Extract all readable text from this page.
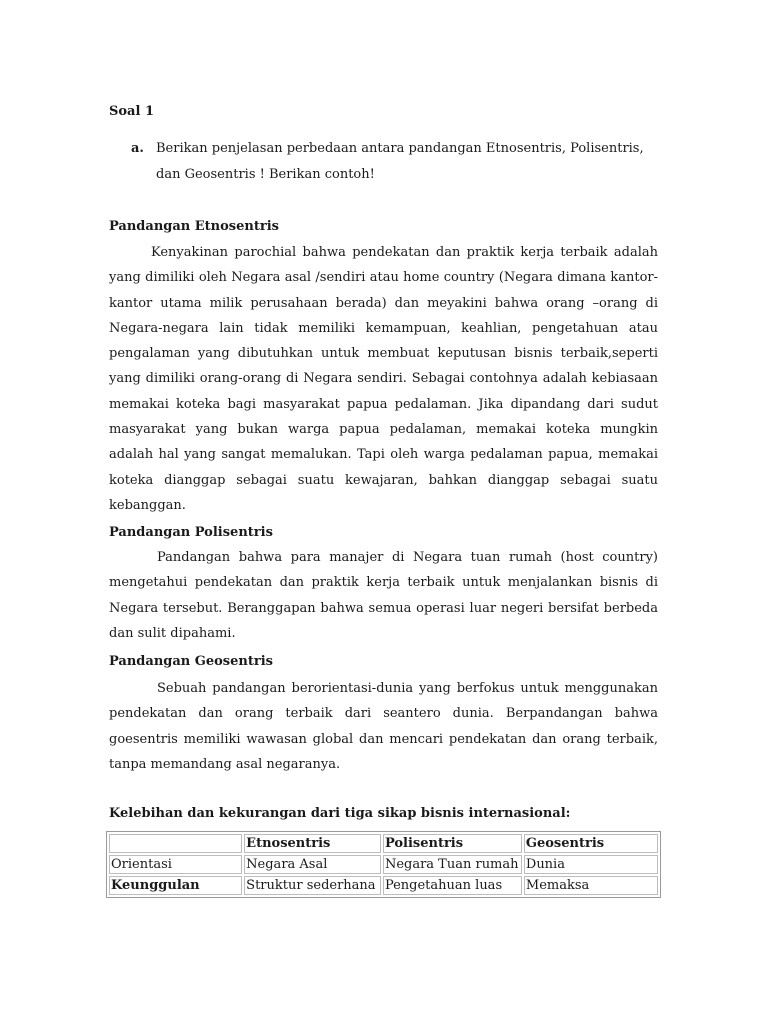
Soal 1
a. Berikan penjelasan perbedaan antara pandangan Etnosentris, Polisentris, dan Geosentris ! Berikan contoh!
Pandangan Etnosentris
Kenyakinan parochial bahwa pendekatan dan praktik kerja terbaik adalah yang dimiliki oleh Negara asal /sendiri atau home country (Negara dimana kantor-kantor utama milik perusahaan berada) dan meyakini bahwa orang –orang di Negara-negara lain tidak memiliki kemampuan, keahlian, pengetahuan atau pengalaman yang dibutuhkan untuk membuat keputusan bisnis terbaik,seperti yang dimiliki orang-orang di Negara sendiri. Sebagai contohnya adalah kebiasaan memakai koteka bagi masyarakat papua pedalaman. Jika dipandang dari sudut masyarakat yang bukan warga papua pedalaman, memakai koteka mungkin adalah hal yang sangat memalukan. Tapi oleh warga pedalaman papua, memakai koteka dianggap sebagai suatu kewajaran, bahkan dianggap sebagai suatu kebanggan.
Pandangan Polisentris
Pandangan bahwa para manajer di Negara tuan rumah (host country) mengetahui pendekatan dan praktik kerja terbaik untuk menjalankan bisnis di Negara tersebut. Beranggapan bahwa semua operasi luar negeri bersifat berbeda dan sulit dipahami.
Pandangan Geosentris
Sebuah pandangan berorientasi-dunia yang berfokus untuk menggunakan pendekatan dan orang terbaik dari seantero dunia. Berpandangan bahwa goesentris memiliki wawasan global dan mencari pendekatan dan orang terbaik, tanpa memandang asal negaranya.
Kelebihan dan kekurangan dari tiga sikap bisnis internasional:
	Etnosentris	Polisentris	Geosentris
Orientasi	Negara Asal	Negara Tuan rumah	Dunia
Keunggulan	Struktur sederhana	Pengetahuan luas	Memaksa
